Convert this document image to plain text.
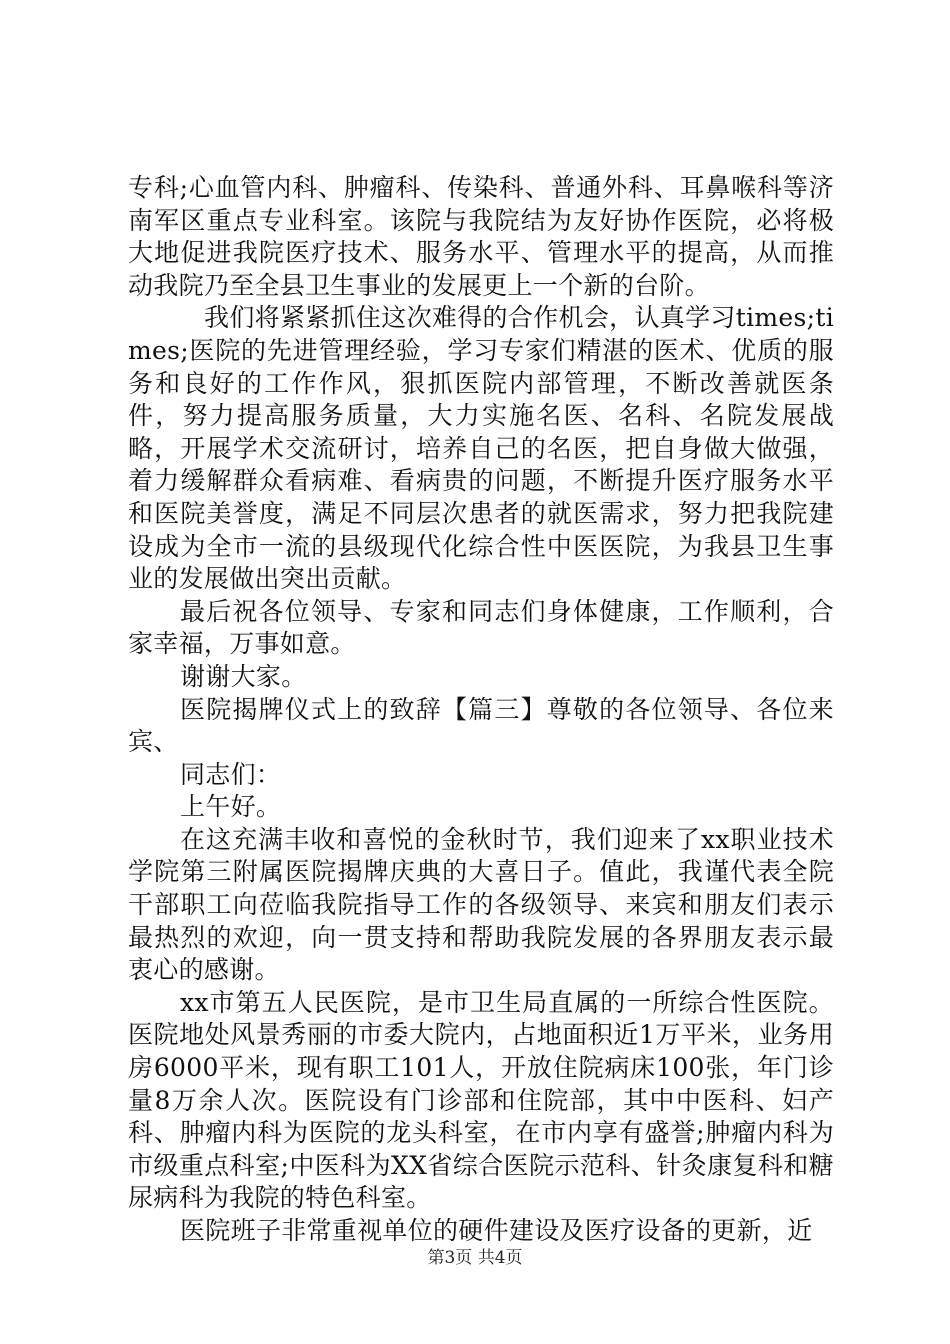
专科;心血管内科、肿瘤科、传染科、普通外科、耳鼻喉科等济南军区重点专业科室。该院与我院结为友好协作医院，必将极大地促进我院医疗技术、服务水平、管理水平的提高，从而推动我院乃至全县卫生事业的发展更上一个新的台阶。

我们将紧紧抓住这次难得的合作机会，认真学习times;times;医院的先进管理经验，学习专家们精湛的医术、优质的服务和良好的工作作风，狠抓医院内部管理，不断改善就医条件，努力提高服务质量，大力实施名医、名科、名院发展战略，开展学术交流研讨，培养自己的名医，把自身做大做强，着力缓解群众看病难、看病贵的问题，不断提升医疗服务水平和医院美誉度，满足不同层次患者的就医需求，努力把我院建设成为全市一流的县级现代化综合性中医医院，为我县卫生事业的发展做出突出贡献。

最后祝各位领导、专家和同志们身体健康，工作顺利，合家幸福，万事如意。

谢谢大家。

医院揭牌仪式上的致辞【篇三】尊敬的各位领导、各位来宾、

同志们：

上午好。

在这充满丰收和喜悦的金秋时节，我们迎来了xx职业技术学院第三附属医院揭牌庆典的大喜日子。值此，我谨代表全院干部职工向莅临我院指导工作的各级领导、来宾和朋友们表示最热烈的欢迎，向一贯支持和帮助我院发展的各界朋友表示最衷心的感谢。

xx市第五人民医院，是市卫生局直属的一所综合性医院。医院地处风景秀丽的市委大院内，占地面积近1万平米，业务用房6000平米，现有职工101人，开放住院病床100张，年门诊量8万余人次。医院设有门诊部和住院部，其中中医科、妇产科、肿瘤内科为医院的龙头科室，在市内享有盛誉;肿瘤内科为市级重点科室;中医科为XX省综合医院示范科、针灸康复科和糖尿病科为我院的特色科室。

医院班子非常重视单位的硬件建设及医疗设备的更新，近

第3页 共4页
